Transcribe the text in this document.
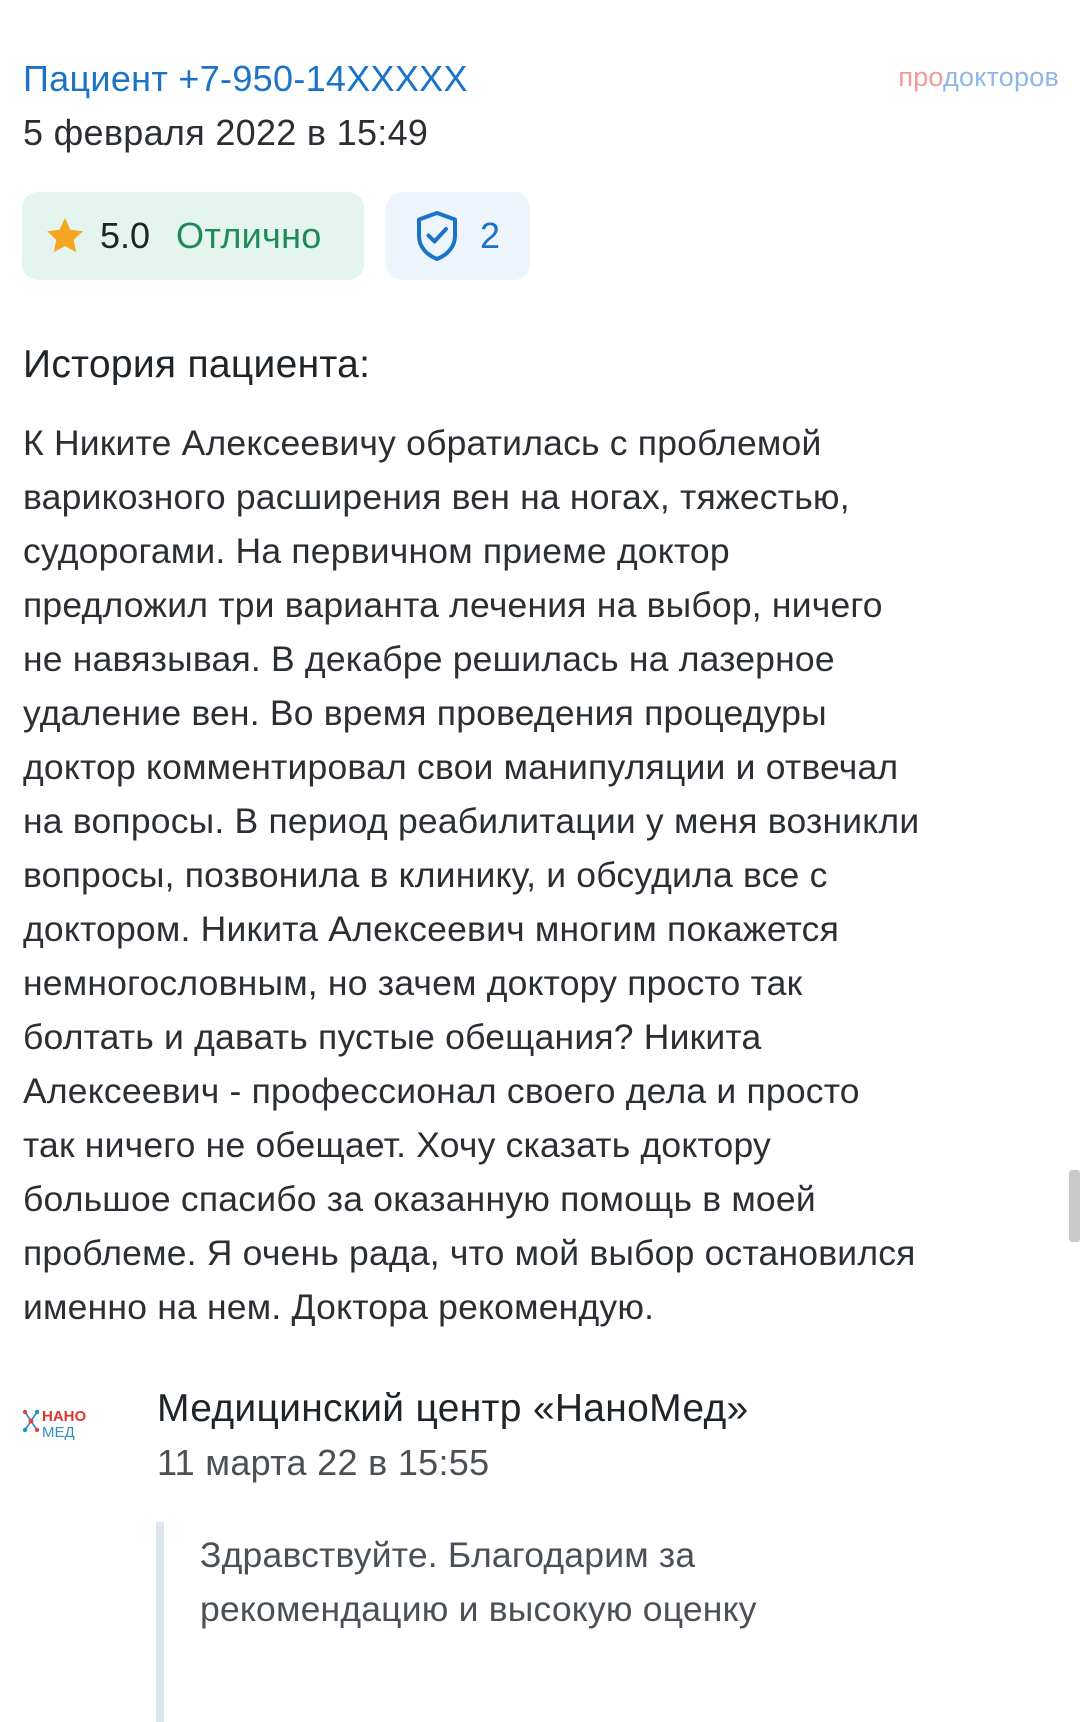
Пациент +7-950-14XXXXX
5 февраля 2022 в 15:49
продокторов
5.0 Отлично	2
История пациента:
К Никите Алексеевичу обратилась с проблемой
варикозного расширения вен на ногах, тяжестью,
судорогами. На первичном приеме доктор
предложил три варианта лечения на выбор, ничего
не навязывая. В декабре решилась на лазерное
удаление вен. Во время проведения процедуры
доктор комментировал свои манипуляции и отвечал
на вопросы. В период реабилитации у меня возникли
вопросы, позвонила в клинику, и обсудила все с
доктором. Никита Алексеевич многим покажется
немногословным, но зачем доктору просто так
болтать и давать пустые обещания? Никита
Алексеевич - профессионал своего дела и просто
так ничего не обещает. Хочу сказать доктору
большое спасибо за оказанную помощь в моей
проблеме. Я очень рада, что мой выбор остановился
именно на нем. Доктора рекомендую.
НАНО
МЕД
Медицинский центр «НаноМед»
11 марта 22 в 15:55
Здравствуйте. Благодарим за
рекомендацию и высокую оценку
